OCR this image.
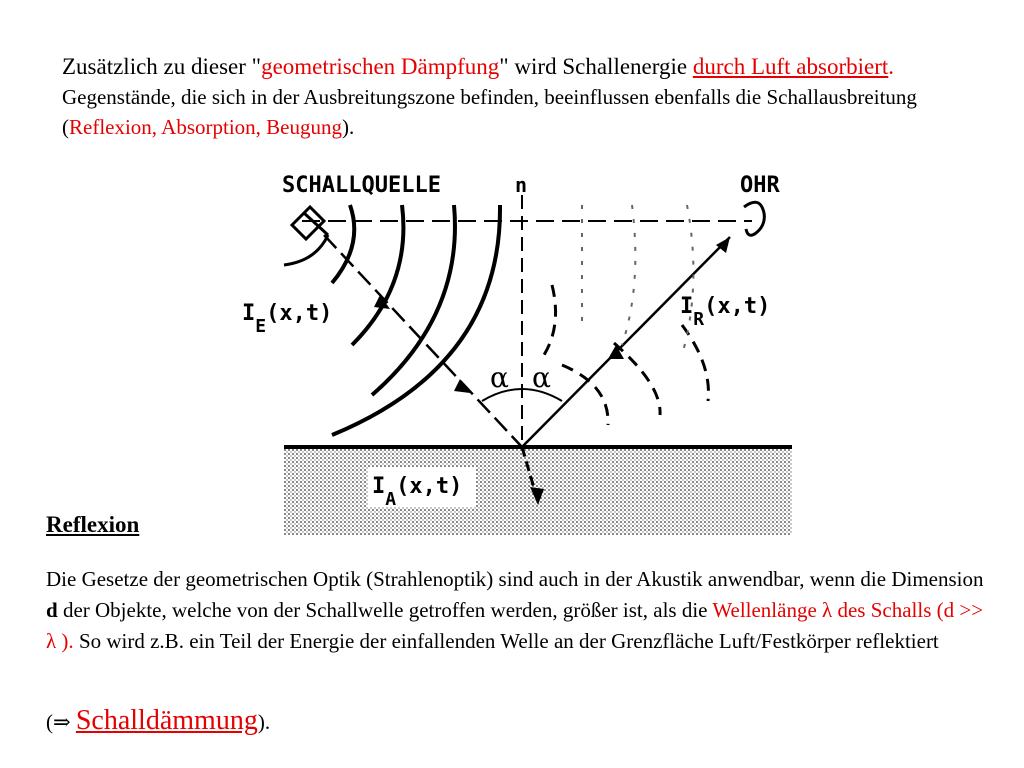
Zusätzlich zu dieser "geometrischen Dämpfung" wird Schallenergie durch Luft absorbiert. Gegenstände, die sich in der Ausbreitungszone befinden, beeinflussen ebenfalls die Schallausbreitung (Reflexion, Absorption, Beugung).
SCHALLQUELLE	n	OHR
α α
$I_E(x,t)$	$I_R(x,t)$
$I_A(x,t)$
Reflexion
Die Gesetze der geometrischen Optik (Strahlenoptik) sind auch in der Akustik anwendbar, wenn die Dimension d der Objekte, welche von der Schallwelle getroffen werden, größer ist, als die Wellenlänge λ des Schalls (d >> λ ). So wird z.B. ein Teil der Energie der einfallenden Welle an der Grenzfläche Luft/Festkörper reflektiert
(⇒ Schalldämmung).
